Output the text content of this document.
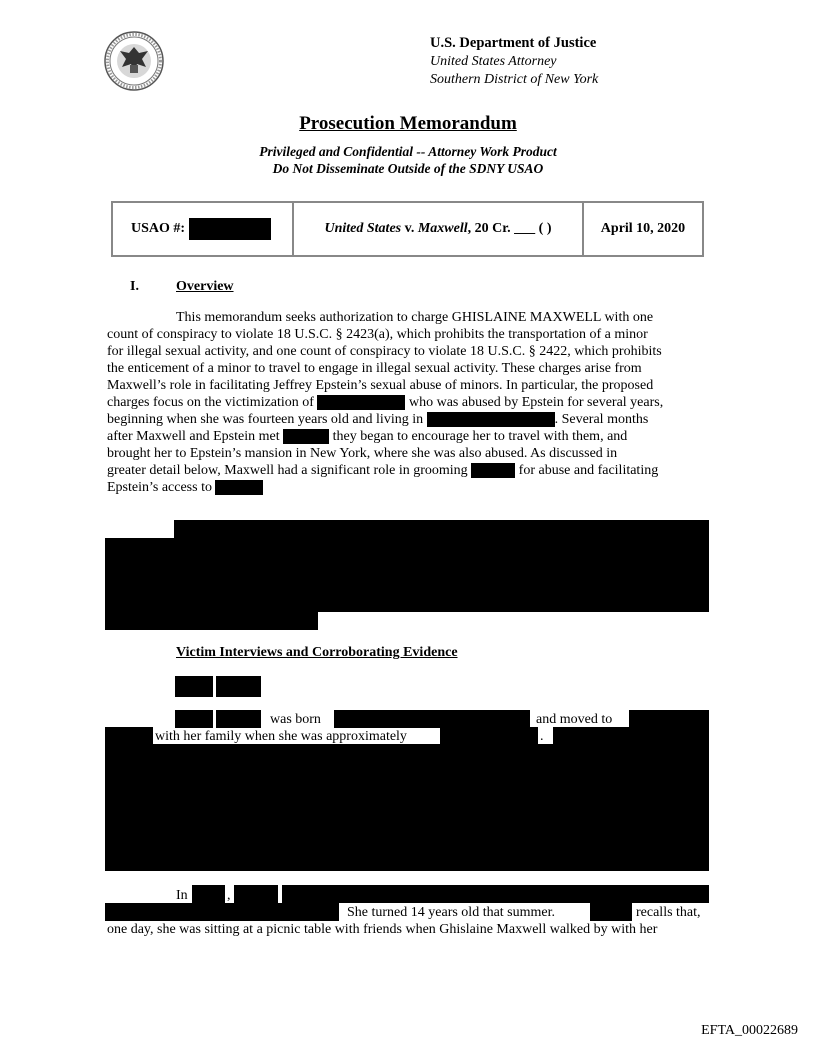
U.S. Department of Justice
United States Attorney
Southern District of New York
Prosecution Memorandum
Privileged and Confidential -- Attorney Work Product
Do Not Disseminate Outside of the SDNY USAO
USAO #:	United States
v.
Maxwell , 20 Cr. ___ ( )	April 10, 2020
I.	Overview
This memorandum seeks authorization to charge GHISLAINE MAXWELL with one
count of conspiracy to violate 18 U.S.C. § 2423(a), which prohibits the transportation of a minor
for illegal sexual activity, and one count of conspiracy to violate 18 U.S.C. § 2422, which prohibits
the enticement of a minor to travel to engage in illegal sexual activity. These charges arise from
Maxwell’s role in facilitating Jeffrey Epstein’s sexual abuse of minors. In particular, the proposed
charges focus on the victimization of	who was abused by Epstein for several years,
beginning when she was fourteen years old and living in	. Several months
after Maxwell and Epstein met	they began to encourage her to travel with them, and
brought her to Epstein’s mansion in New York, where she was also abused. As discussed in
greater detail below, Maxwell had a significant role in grooming	for abuse and facilitating
Epstein’s access to
Victim Interviews and Corroborating Evidence
was born	and moved to
with her family when she was approximately	.
In	,
She turned 14 years old that summer.	recalls that,
one day, she was sitting at a picnic table with friends when Ghislaine Maxwell walked by with her
EFTA_00022689
